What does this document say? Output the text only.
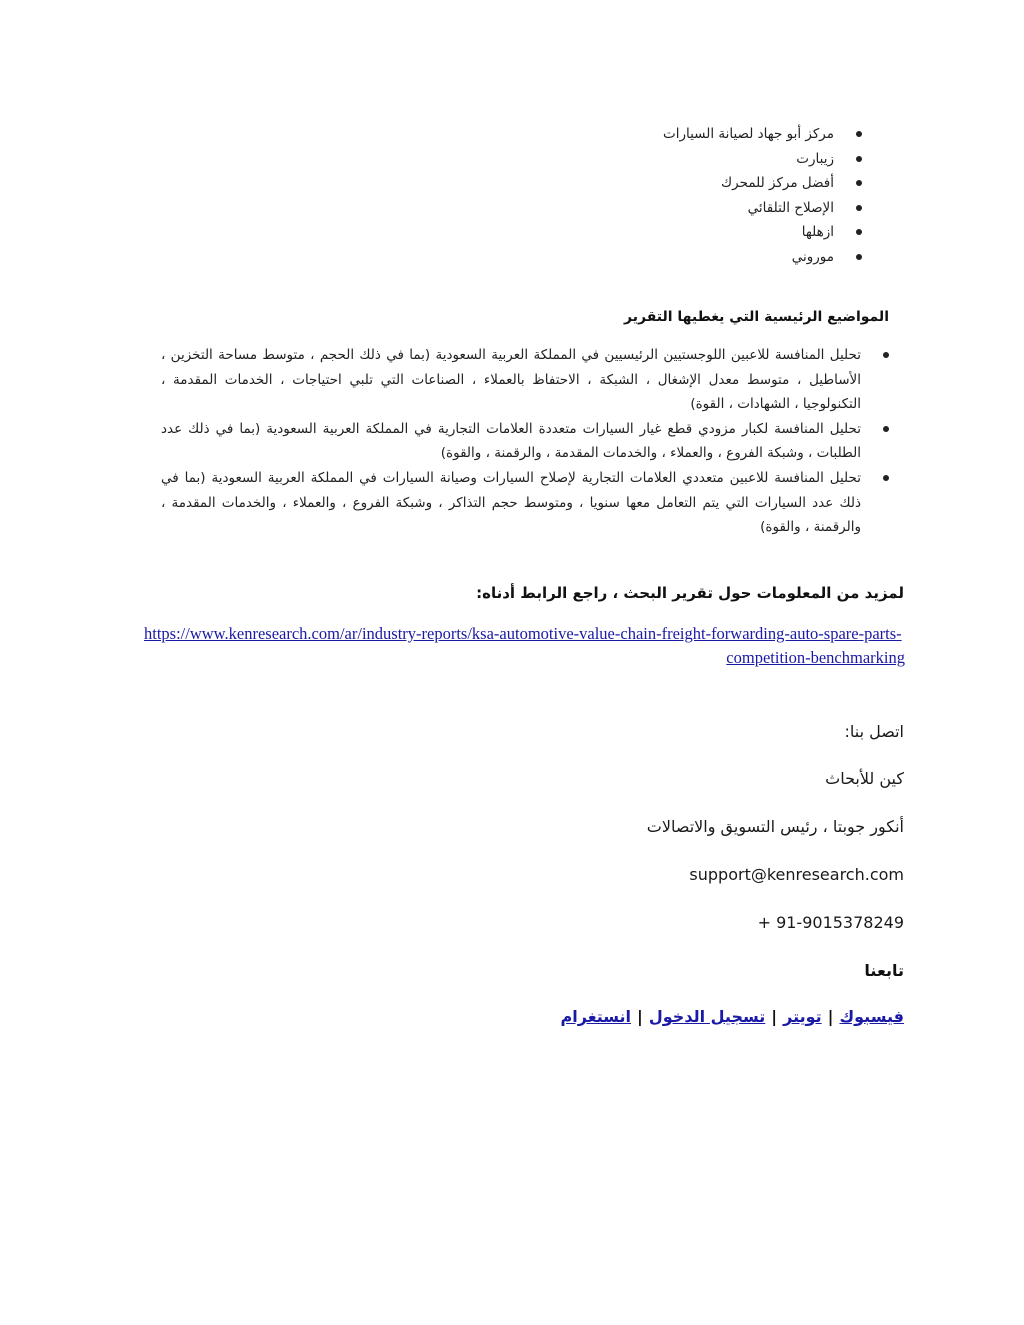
مركز أبو جهاد لصيانة السيارات
زيبارت
أفضل مركز للمحرك
الإصلاح التلقائي
ازهلها
موروني
المواضيع الرئيسية التي يغطيها التقرير
تحليل المنافسة للاعبين اللوجستيين الرئيسيين في المملكة العربية السعودية (بما في ذلك الحجم ، متوسط مساحة التخزين ، الأساطيل ، متوسط معدل الإشغال ، الشبكة ، الاحتفاظ بالعملاء ، الصناعات التي تلبي احتياجات ، الخدمات المقدمة ، التكنولوجيا ، الشهادات ، القوة)
تحليل المنافسة لكبار مزودي قطع غيار السيارات متعددة العلامات التجارية في المملكة العربية السعودية (بما في ذلك عدد الطلبات ، وشبكة الفروع ، والعملاء ، والخدمات المقدمة ، والرقمنة ، والقوة)
تحليل المنافسة للاعبين متعددي العلامات التجارية لإصلاح السيارات وصيانة السيارات في المملكة العربية السعودية (بما في ذلك عدد السيارات التي يتم التعامل معها سنويا ، ومتوسط حجم التذاكر ، وشبكة الفروع ، والعملاء ، والخدمات المقدمة ، والرقمنة ، والقوة)
لمزيد من المعلومات حول تقرير البحث ، راجع الرابط أدناه:
https://www.kenresearch.com/ar/industry-reports/ksa-automotive-value-chain-freight-forwarding-auto-spare-parts-competition-benchmarking

اتصل بنا:

كين للأبحاث

أنكور جوبتا ، رئيس التسويق والاتصالات

support@kenresearch.com

+ 91-9015378249

تابعنا

فيسبوك|تويتر|تسجيل الدخول|انستغرام
